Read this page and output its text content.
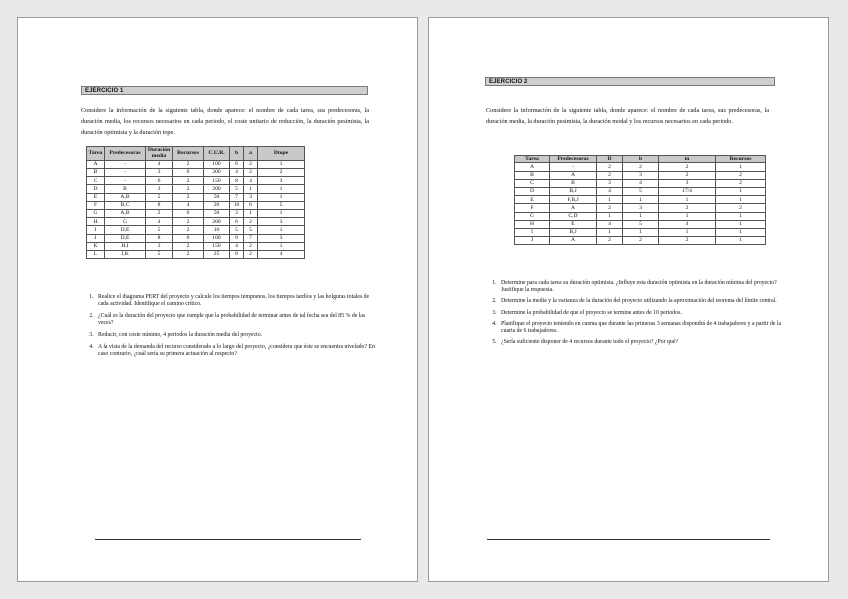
EJERCICIO 1

Considere la información de la siguiente tabla, donde aparece: el nombre de cada tarea, sus predecesoras, la duración media, los recursos necesarios en cada periodo, el coste unitario de reducción, la duración pesimista, la duración optimista y la duración tope.

Tarea	Predecesoras	Duración media	Recursos	C.U.R.	b	a	Dtope
A	-	4	2	100	6	2	1
B	-	3	0	300	4	2	2
C	-	6	2	150	8	4	3
D	B	3	2	200	5	1	1
E	A,B	5	2	50	7	3	1
F	B,C	8	4	20	10	6	5
G	A,B	2	0	50	3	1	1
H	G	4	2	200	6	2	3
I	D,E	5	2	10	5	5	1
J	D,E	8	0	100	9	7	3
K	H,I	3	2	150	4	2	1
L	J,K	5	2	25	8	2	4
1. Realice el diagrama PERT del proyecto y calcule los tiempos tempranos, los tiempos tardíos y las holguras totales de cada actividad. Identifique el camino crítico.
2. ¿Cuál es la duración del proyecto que cumple que la probabilidad de terminar antes de tal fecha sea del 85 % de las veces?
3. Reducir, con coste mínimo, 4 periodos la duración media del proyecto.
4. A la vista de la demanda del recurso considerado a lo largo del proyecto, ¿considera que éste se encuentra nivelado? En caso contrario, ¿cuál sería su primera actuación al respecto?
EJERCICIO 2

Considere la información de la siguiente tabla, donde aparece: el nombre de cada tarea, sus predecesoras, la duración media, la duración pesimista, la duración modal y los recursos necesarios en cada periodo.

Tarea	Predecesoras	D	b	m	Recursos
A	-	2	2	2	1
B	A	2	3	2	2
C	B	3	4	3	2
D	B,J	4	5	17/4	1
E	F,B,J	1	1	1	1
F	A	2	3	2	2
G	C,D	1	1	1	1
H	E	4	5	4	1
I	B,J	1	1	1	1
J	A	2	2	2	1
1. Determine para cada tarea su duración optimista. ¿Influye esta duración optimista en la duración mínima del proyecto? Justifique la respuesta.
2. Determine la media y la varianza de la duración del proyecto utilizando la aproximación del teorema del límite central.
3. Determine la probabilidad de que el proyecto se termine antes de 10 periodos.
4. Planifique el proyecto teniendo en cuenta que durante las primeras 3 semanas dispondrá de 4 trabajadores y a partir de la cuarta de 6 trabajadores.
5. ¿Sería suficiente disponer de 4 recursos durante todo el proyecto? ¿Por qué?
